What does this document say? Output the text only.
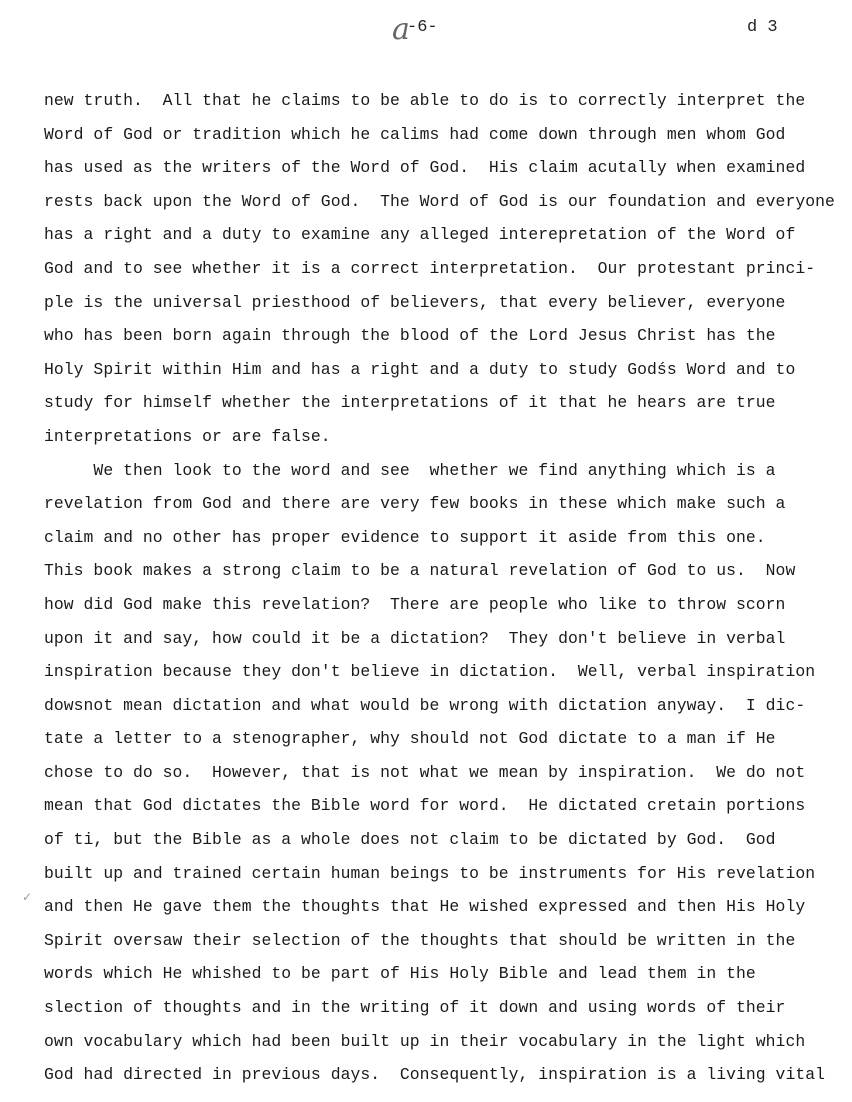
a
-6-	d 3
✓
new truth.  All that he claims to be able to do is to correctly interpret the
Word of God or tradition which he calims had come down through men whom God
has used as the writers of the Word of God.  His claim acutally when examined
rests back upon the Word of God.  The Word of God is our foundation and everyone
has a right and a duty to examine any alleged interepretation of the Word of
God and to see whether it is a correct interpretation.  Our protestant princi-
ple is the universal priesthood of believers, that every believer, everyone
who has been born again through the blood of the Lord Jesus Christ has the
Holy Spirit within Him and has a right and a duty to study Godśs Word and to
study for himself whether the interpretations of it that he hears are true
interpretations or are false.
We then look to the word and see  whether we find anything which is a
revelation from God and there are very few books in these which make such a
claim and no other has proper evidence to support it aside from this one.
This book makes a strong claim to be a natural revelation of God to us.  Now
how did God make this revelation?  There are people who like to throw scorn
upon it and say, how could it be a dictation?  They don't believe in verbal
inspiration because they don't believe in dictation.  Well, verbal inspiration
dowsnot mean dictation and what would be wrong with dictation anyway.  I dic-
tate a letter to a stenographer, why should not God dictate to a man if He
chose to do so.  However, that is not what we mean by inspiration.  We do not
mean that God dictates the Bible word for word.  He dictated cretain portions
of ti, but the Bible as a whole does not claim to be dictated by God.  God
built up and trained certain human beings to be instruments for His revelation
and then He gave them the thoughts that He wished expressed and then His Holy
Spirit oversaw their selection of the thoughts that should be written in the
words which He whished to be part of His Holy Bible and lead them in the
slection of thoughts and in the writing of it down and using words of their
own vocabulary which had been built up in their vocabulary in the light which
God had directed in previous days.  Consequently, inspiration is a living vital
